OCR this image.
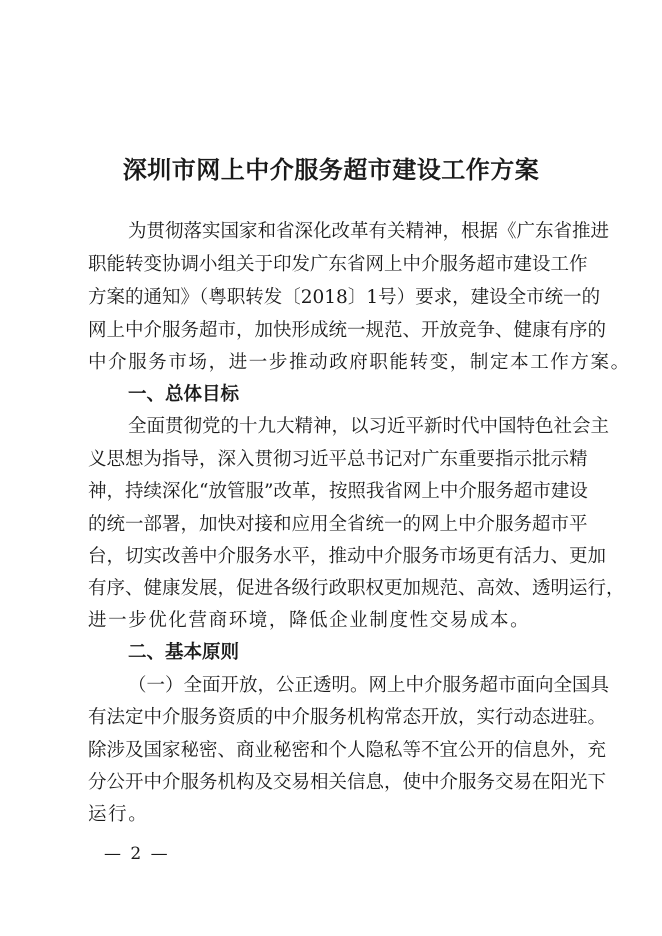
深圳市网上中介服务超市建设工作方案
为贯彻落实国家和省深化改革有关精神，根据《广东省推进
职能转变协调小组关于印发广东省网上中介服务超市建设工作
方案的通知》（粤职转发〔2018〕1号）要求，建设全市统一的
网上中介服务超市，加快形成统一规范、开放竞争、健康有序的
中介服务市场，进一步推动政府职能转变，制定本工作方案。
一、总体目标
全面贯彻党的十九大精神，以习近平新时代中国特色社会主
义思想为指导，深入贯彻习近平总书记对广东重要指示批示精
神，持续深化“放管服”改革，按照我省网上中介服务超市建设
的统一部署，加快对接和应用全省统一的网上中介服务超市平
台，切实改善中介服务水平，推动中介服务市场更有活力、更加
有序、健康发展，促进各级行政职权更加规范、高效、透明运行，
进一步优化营商环境，降低企业制度性交易成本。
二、基本原则
（一）全面开放，公正透明。网上中介服务超市面向全国具
有法定中介服务资质的中介服务机构常态开放，实行动态进驻。
除涉及国家秘密、商业秘密和个人隐私等不宜公开的信息外，充
分公开中介服务机构及交易相关信息，使中介服务交易在阳光下
运行。
— 2 —
